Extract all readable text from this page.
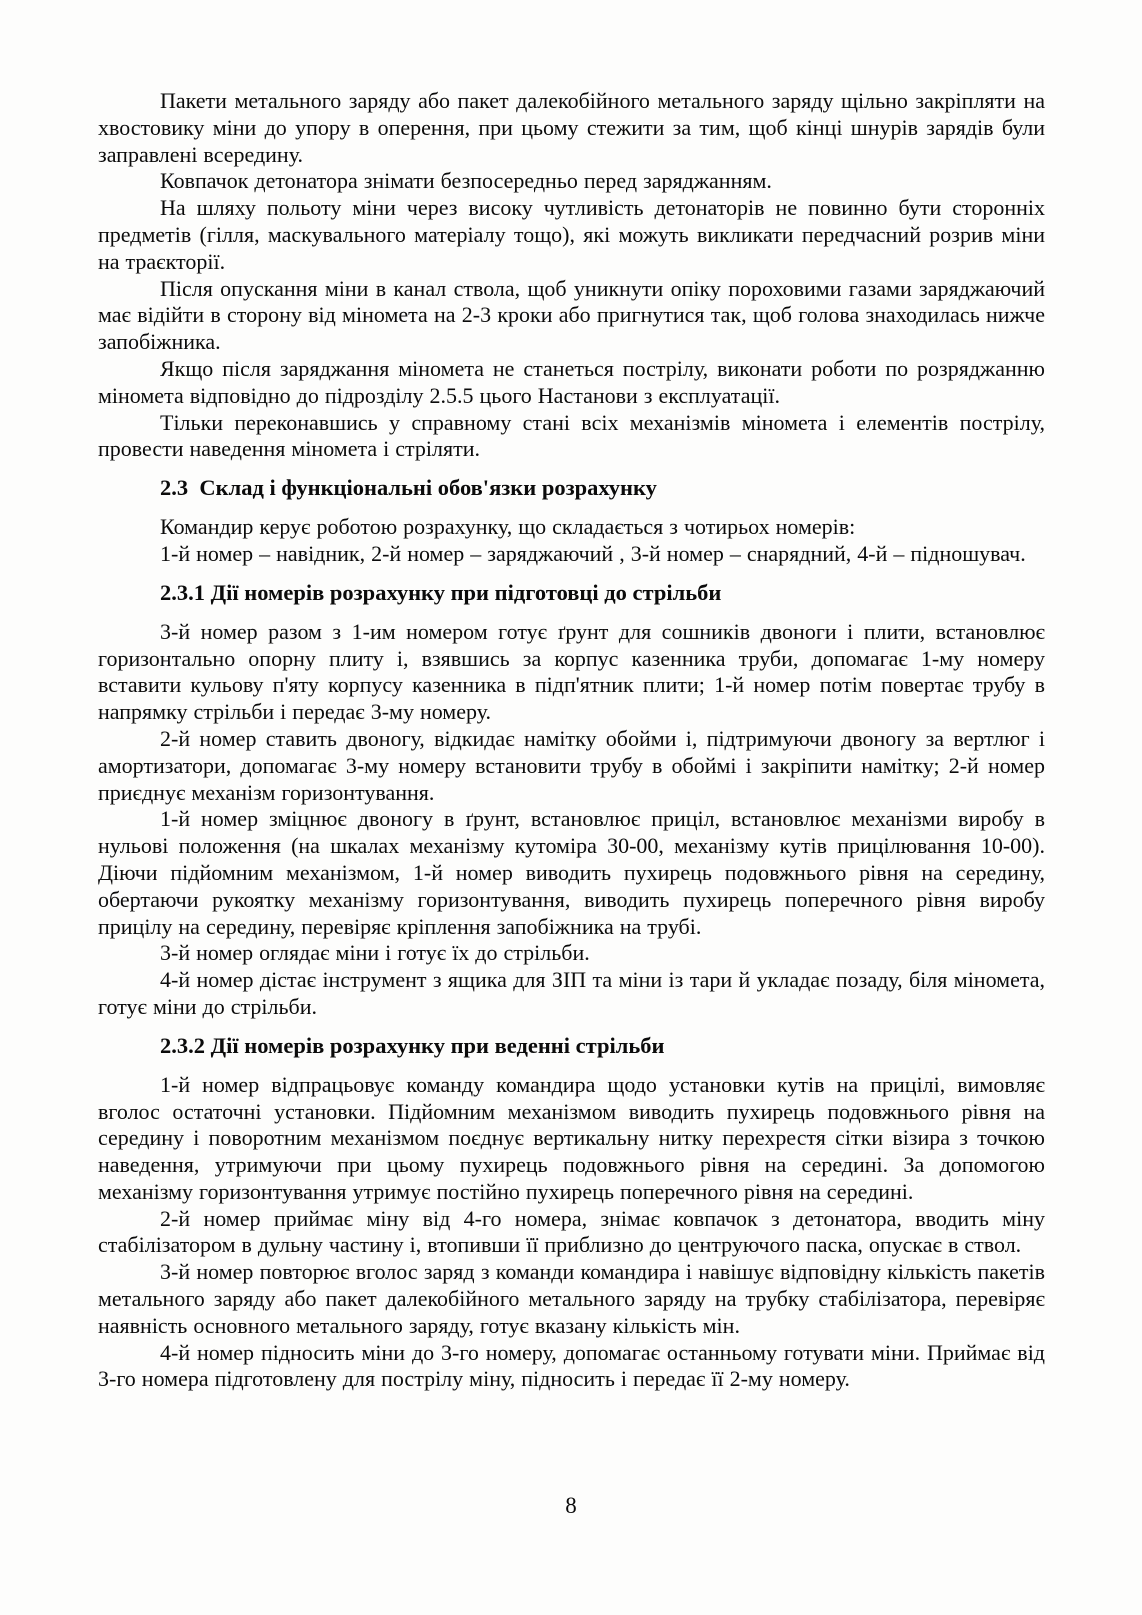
Пакети метального заряду або пакет далекобійного метального заряду щільно закріпляти на хвостовику міни до упору в оперення, при цьому стежити за тим, щоб кінці шнурів зарядів були заправлені всередину.

Ковпачок детонатора знімати безпосередньо перед заряджанням.

На шляху польоту міни через високу чутливість детонаторів не повинно бути сторонніх предметів (гілля, маскувального матеріалу тощо), які можуть викликати передчасний розрив міни на траєкторії.

Після опускання міни в канал ствола, щоб уникнути опіку пороховими газами заряджаючий має відійти в сторону від міномета на 2-3 кроки або пригнутися так, щоб голова знаходилась нижче запобіжника.

Якщо після заряджання міномета не станеться пострілу, виконати роботи по розряджанню міномета відповідно до підрозділу 2.5.5 цього Настанови з експлуатації.

Тільки переконавшись у справному стані всіх механізмів міномета і елементів пострілу, провести наведення міномета і стріляти.

2.3  Склад і функціональні обов'язки розрахунку

Командир керує роботою розрахунку, що складається з чотирьох номерів:

1-й номер – навідник, 2-й номер – заряджаючий , 3-й номер – снарядний, 4-й – підношувач.

2.3.1 Дії номерів розрахунку при підготовці до стрільби

3-й номер разом з 1-им номером готує ґрунт для сошників двоноги і плити, встановлює горизонтально опорну плиту і, взявшись за корпус казенника труби, допомагає 1-му номеру вставити кульову п'яту корпусу казенника в підп'ятник плити; 1-й номер потім повертає трубу в напрямку стрільби і передає 3-му номеру.

2-й номер ставить двоногу, відкидає намітку обойми і, підтримуючи двоногу за вертлюг і амортизатори, допомагає 3-му номеру встановити трубу в обоймі і закріпити намітку; 2-й номер приєднує механізм горизонтування.

1-й номер зміцнює двоногу в ґрунт, встановлює приціл, встановлює механізми виробу в нульові положення (на шкалах механізму кутоміра 30-00, механізму кутів прицілювання 10-00). Діючи підйомним механізмом, 1-й номер виводить пухирець подовжнього рівня на середину, обертаючи рукоятку механізму горизонтування, виводить пухирець поперечного рівня виробу прицілу на середину, перевіряє кріплення запобіжника на трубі.

3-й номер оглядає міни і готує їх до стрільби.

4-й номер дістає інструмент з ящика для ЗІП та міни із тари й укладає позаду, біля міномета, готує міни до стрільби.

2.3.2 Дії номерів розрахунку при веденні стрільби

1-й номер відпрацьовує команду командира щодо установки кутів на прицілі, вимовляє вголос остаточні установки. Підйомним механізмом виводить пухирець подовжнього рівня на середину і поворотним механізмом поєднує вертикальну нитку перехрестя сітки візира з точкою наведення, утримуючи при цьому пухирець подовжнього рівня на середині. За допомогою механізму горизонтування утримує постійно пухирець поперечного рівня на середині.

2-й номер приймає міну від 4-го номера, знімає ковпачок з детонатора, вводить міну стабілізатором в дульну частину і, втопивши її приблизно до центруючого паска, опускає в ствол.

3-й номер повторює вголос заряд з команди командира і навішує відповідну кількість пакетів метального заряду або пакет далекобійного метального заряду на трубку стабілізатора, перевіряє наявність основного метального заряду, готує вказану кількість мін.

4-й номер підносить міни до 3-го номеру, допомагає останньому готувати міни. Приймає від 3-го номера підготовлену для пострілу міну, підносить і передає її 2-му номеру.

8
